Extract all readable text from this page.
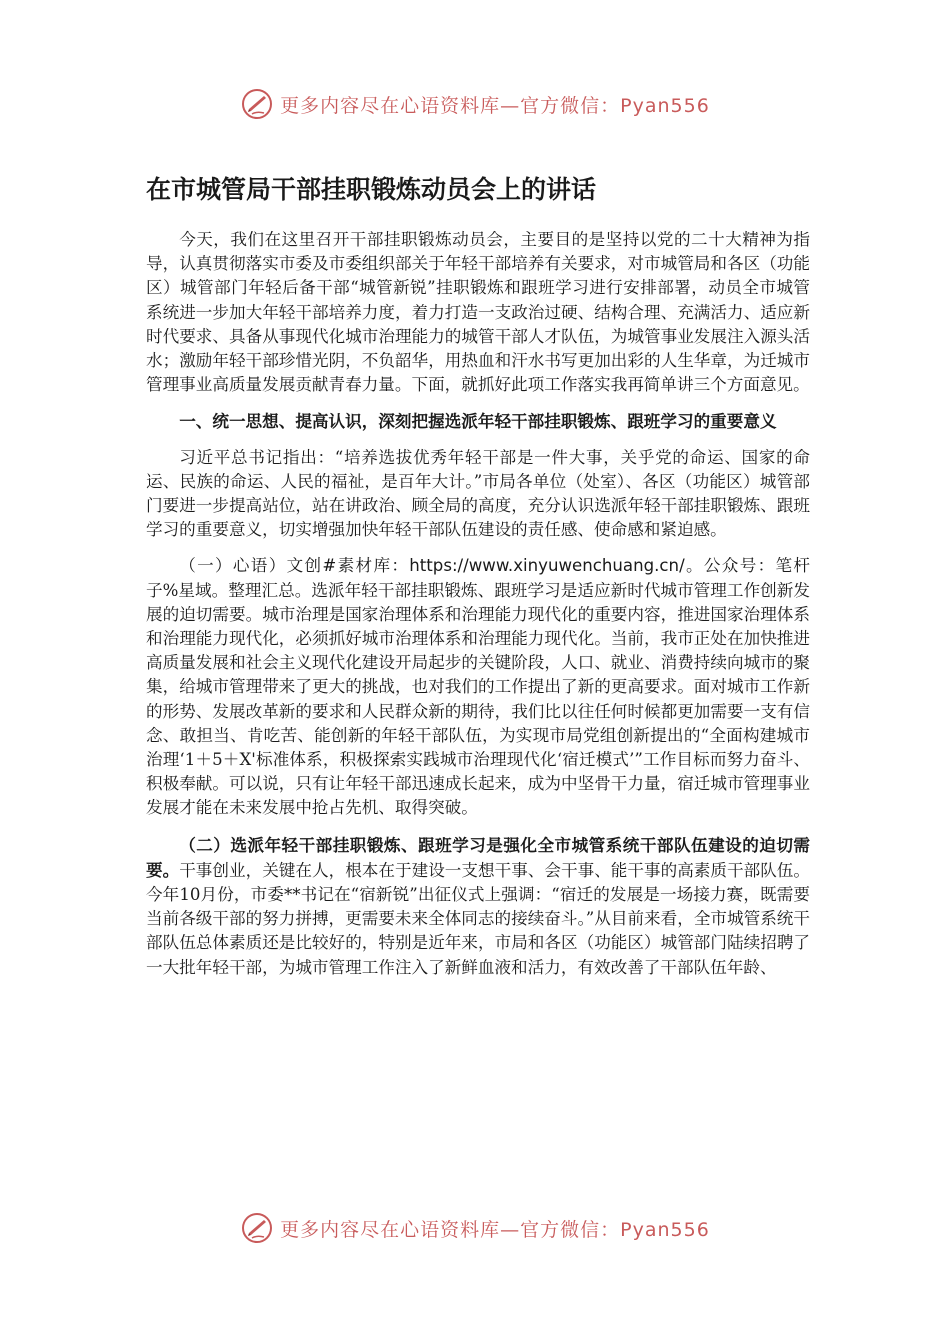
更多内容尽在心语资料库—官方微信：Pyan556
在市城管局干部挂职锻炼动员会上的讲话

今天，我们在这里召开干部挂职锻炼动员会，主要目的是坚持以党的二十大精神为指导，认真贯彻落实市委及市委组织部关于年轻干部培养有关要求，对市城管局和各区（功能区）城管部门年轻后备干部“城管新锐”挂职锻炼和跟班学习进行安排部署，动员全市城管系统进一步加大年轻干部培养力度，着力打造一支政治过硬、结构合理、充满活力、适应新时代要求、具备从事现代化城市治理能力的城管干部人才队伍，为城管事业发展注入源头活水；激励年轻干部珍惜光阴，不负韶华，用热血和汗水书写更加出彩的人生华章，为迁城市管理事业高质量发展贡献青春力量。下面，就抓好此项工作落实我再简单讲三个方面意见。

一、统一思想、提高认识，深刻把握选派年轻干部挂职锻炼、跟班学习的重要意义

习近平总书记指出：“培养选拔优秀年轻干部是一件大事，关乎党的命运、国家的命运、民族的命运、人民的福祉，是百年大计。”市局各单位（处室）、各区（功能区）城管部门要进一步提高站位，站在讲政治、顾全局的高度，充分认识选派年轻干部挂职锻炼、跟班学习的重要意义，切实增强加快年轻干部队伍建设的责任感、使命感和紧迫感。

（一）心语）文创#素材库：https://www.xinyuwenchuang.cn/。公众号：笔杆子%星域。整理汇总。选派年轻干部挂职锻炼、跟班学习是适应新时代城市管理工作创新发展的迫切需要。城市治理是国家治理体系和治理能力现代化的重要内容，推进国家治理体系和治理能力现代化，必须抓好城市治理体系和治理能力现代化。当前，我市正处在加快推进高质量发展和社会主义现代化建设开局起步的关键阶段，人口、就业、消费持续向城市的聚集，给城市管理带来了更大的挑战，也对我们的工作提出了新的更高要求。面对城市工作新的形势、发展改革新的要求和人民群众新的期待，我们比以往任何时候都更加需要一支有信念、敢担当、肯吃苦、能创新的年轻干部队伍，为实现市局党组创新提出的“全面构建城市治理‘1＋5＋X'标准体系，积极探索实践城市治理现代化‘宿迁模式’”工作目标而努力奋斗、积极奉献。可以说，只有让年轻干部迅速成长起来，成为中坚骨干力量，宿迁城市管理事业发展才能在未来发展中抢占先机、取得突破。

（二）选派年轻干部挂职锻炼、跟班学习是强化全市城管系统干部队伍建设的迫切需要。干事创业，关键在人，根本在于建设一支想干事、会干事、能干事的高素质干部队伍。今年10月份，市委**书记在“宿新锐”出征仪式上强调：“宿迁的发展是一场接力赛，既需要当前各级干部的努力拼搏，更需要未来全体同志的接续奋斗。”从目前来看，全市城管系统干部队伍总体素质还是比较好的，特别是近年来，市局和各区（功能区）城管部门陆续招聘了一大批年轻干部，为城市管理工作注入了新鲜血液和活力，有效改善了干部队伍年龄、

更多内容尽在心语资料库—官方微信：Pyan556
